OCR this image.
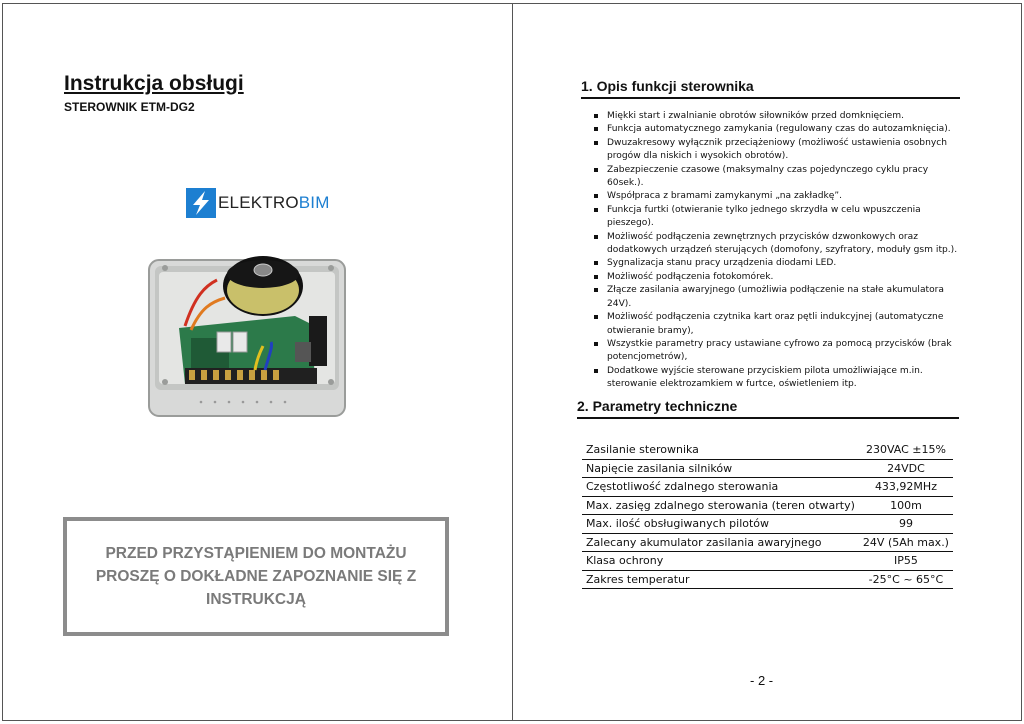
Instrukcja obsługi

STEROWNIK ETM-DG2

ELEKTROBIM

PRZED PRZYSTĄPIENIEM DO MONTAŻU
PROSZĘ O DOKŁADNE ZAPOZNANIE SIĘ Z
INSTRUKCJĄ

1. Opis funkcji sterownika
Miękki start i zwalnianie obrotów siłowników przed domknięciem.
Funkcja automatycznego zamykania (regulowany czas do autozamknięcia).
Dwuzakresowy wyłącznik przeciążeniowy (możliwość ustawienia osobnych progów dla niskich i wysokich obrotów).
Zabezpieczenie czasowe (maksymalny czas pojedynczego cyklu pracy 60sek.).
Współpraca z bramami zamykanymi „na zakładkę”.
Funkcja furtki (otwieranie tylko jednego skrzydła w celu wpuszczenia pieszego).
Możliwość podłączenia zewnętrznych przycisków dzwonkowych oraz dodatkowych urządzeń sterujących (domofony, szyfratory, moduły gsm itp.).
Sygnalizacja stanu pracy urządzenia diodami LED.
Możliwość podłączenia fotokomórek.
Złącze zasilania awaryjnego (umożliwia podłączenie na stałe akumulatora 24V).
Możliwość podłączenia czytnika kart oraz pętli indukcyjnej (automatyczne otwieranie bramy),
Wszystkie parametry pracy ustawiane cyfrowo za pomocą przycisków (brak potencjometrów),
Dodatkowe wyjście sterowane przyciskiem pilota umożliwiające m.in. sterowanie elektrozamkiem w furtce, oświetleniem itp.
2. Parametry techniczne
Zasilanie sterownika	230VAC ±15%
Napięcie zasilania silników	24VDC
Częstotliwość zdalnego sterowania	433,92MHz
Max. zasięg zdalnego sterowania (teren otwarty)	100m
Max. ilość obsługiwanych pilotów	99
Zalecany akumulator zasilania awaryjnego	24V (5Ah max.)
Klasa ochrony	IP55
Zakres temperatur	-25°C ~ 65°C
- 2 -
